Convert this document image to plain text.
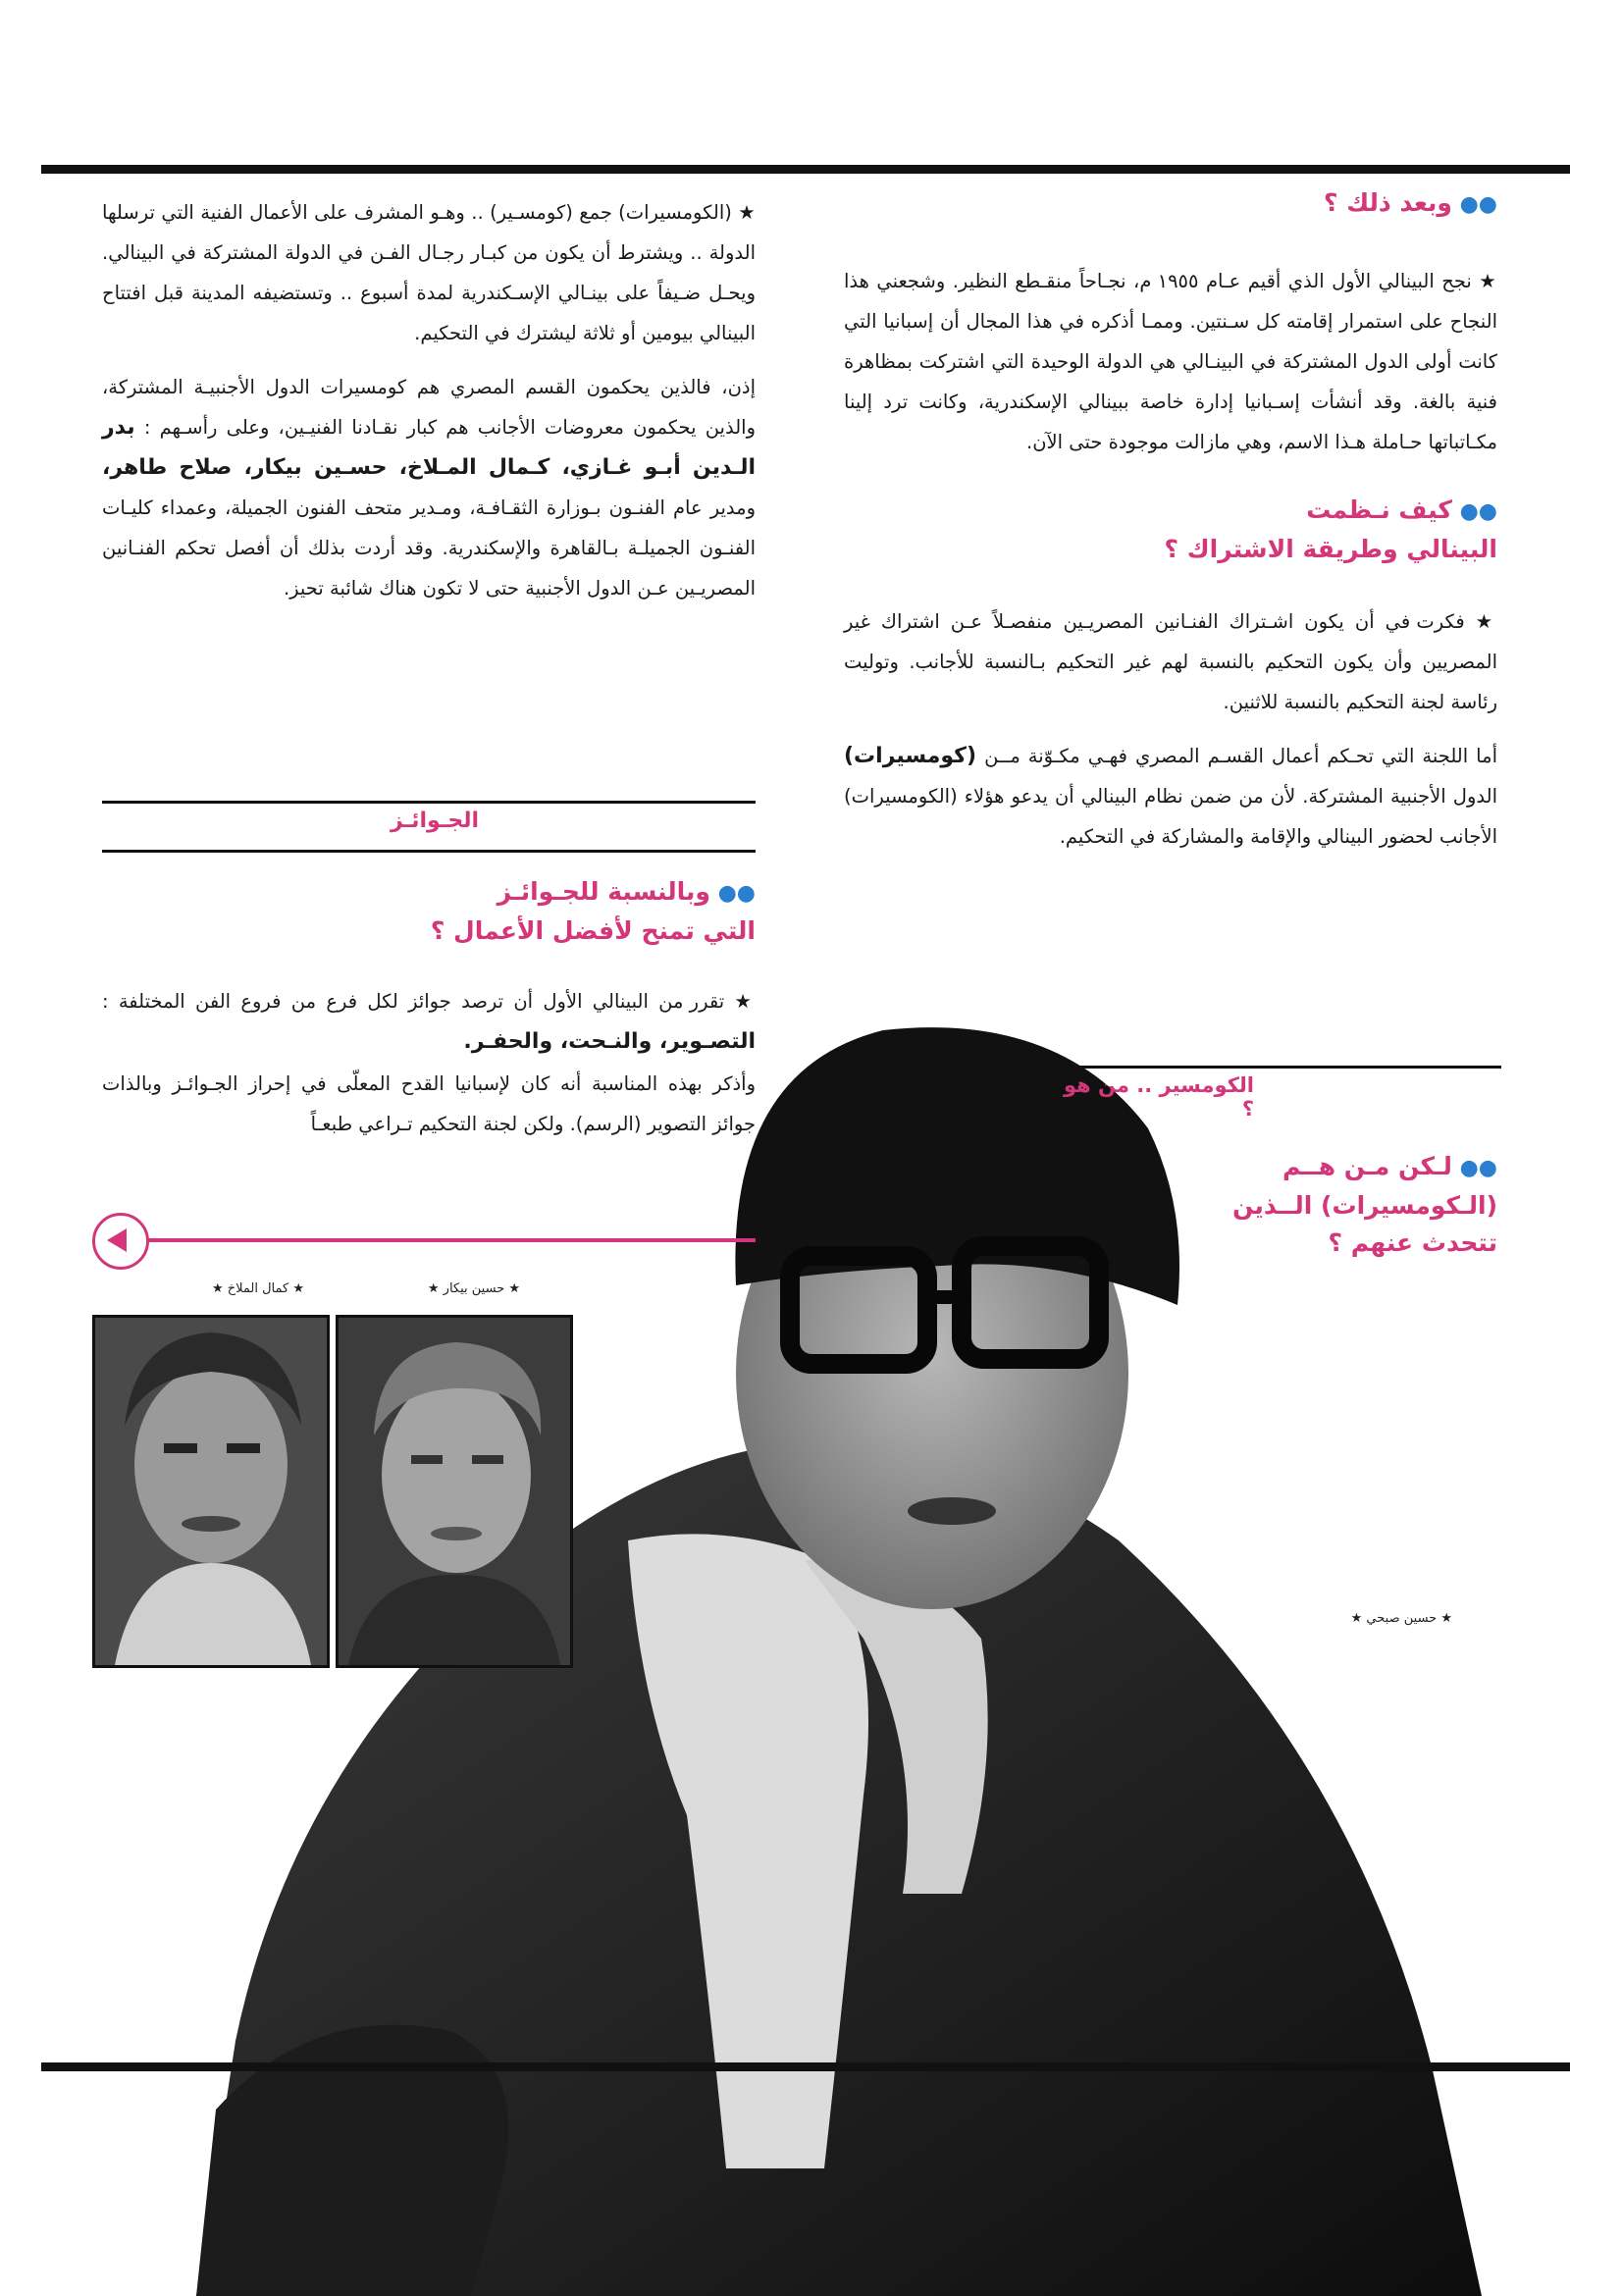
★ حسين صبحي ★
●● وبعد ذلك ؟

★ نجح البينالي الأول الذي أقيم عـام ١٩٥٥ م، نجـاحاً منقـطع النظير. وشجعني هذا النجاح على استمرار إقامته كل سـنتين. وممـا أذكره في هذا المجال أن إسبانيا التي كانت أولى الدول المشتركة في البينـالي هي الدولة الوحيدة التي اشتركت بمظاهرة فنية بالغة. وقد أنشأت إسـبانيا إدارة خاصة ببينالي الإسكندرية، وكانت ترد إلينا مكـاتباتها حـاملة هـذا الاسم، وهي مازالت موجودة حتى الآن.

●● كيف نـظمت
البينالي وطريقة الاشتراك ؟

★ فكرت في أن يكون اشـتراك الفنـانين المصريـين منفصـلاً عـن اشتراك غير المصريين وأن يكون التحكيم بالنسبة لهم غير التحكيم بـالنسبة للأجانب. وتوليت رئاسة لجنة التحكيم بالنسبة للاثنين.

أما اللجنة التي تحـكم أعمال القسـم المصري فهـي مكـوّنة مــن (كومسيرات) الدول الأجنبية المشتركة. لأن من ضمن نظام البينالي أن يدعو هؤلاء (الكومسيرات) الأجانب لحضور البينالي والإقامة والمشاركة في التحكيم.

الكومسير .. من هو ؟
●● لـكن مـن هــم
(الـكومسيرات) الــذين
تتحدث عنهم ؟

★ (الكومسيرات) جمع (كومسـير) .. وهـو المشرف على الأعمال الفنية التي ترسلها الدولة .. ويشترط أن يكون من كبـار رجـال الفـن في الدولة المشتركة في البينالي. ويحـل ضـيفاً على بينـالي الإسـكندرية لمدة أسبوع .. وتستضيفه المدينة قبل افتتاح البينالي بيومين أو ثلاثة ليشترك في التحكيم.

إذن، فالذين يحكمون القسم المصري هم كومسيرات الدول الأجنبيـة المشتركة، والذين يحكمون معروضات الأجانب هم كبار نقـادنا الفنيـين، وعلى رأسـهم : بدر الـدين أبـو غـازي، كـمال المـلاخ، حسـين بيكار، صلاح طاهر، ومدير عام الفنـون بـوزارة الثقـافـة، ومـدير متحف الفنون الجميلة، وعمداء كليـات الفنـون الجميلـة بـالقاهرة والإسكندرية. وقد أردت بذلك أن أفصل تحكم الفنـانين المصريـين عـن الدول الأجنبية حتى لا تكون هناك شائبة تحيز.

الجـوائـز
●● وبالنسبة للجـوائـز
التي تمنح لأفضل الأعمال ؟

★ تقرر من البينالي الأول أن ترصد جوائز لكل فرع من فروع الفن المختلفة : التصـوير، والنـحت، والحفـر.

وأذكر بهذه المناسبة أنه كان لإسبانيا القدح المعلّى في إحراز الجـوائـز وبالذات جوائز التصوير (الرسم). ولكن لجنة التحكيم تـراعي طبعـاً

★ كمال الملاخ ★	★ حسين بيكار ★
